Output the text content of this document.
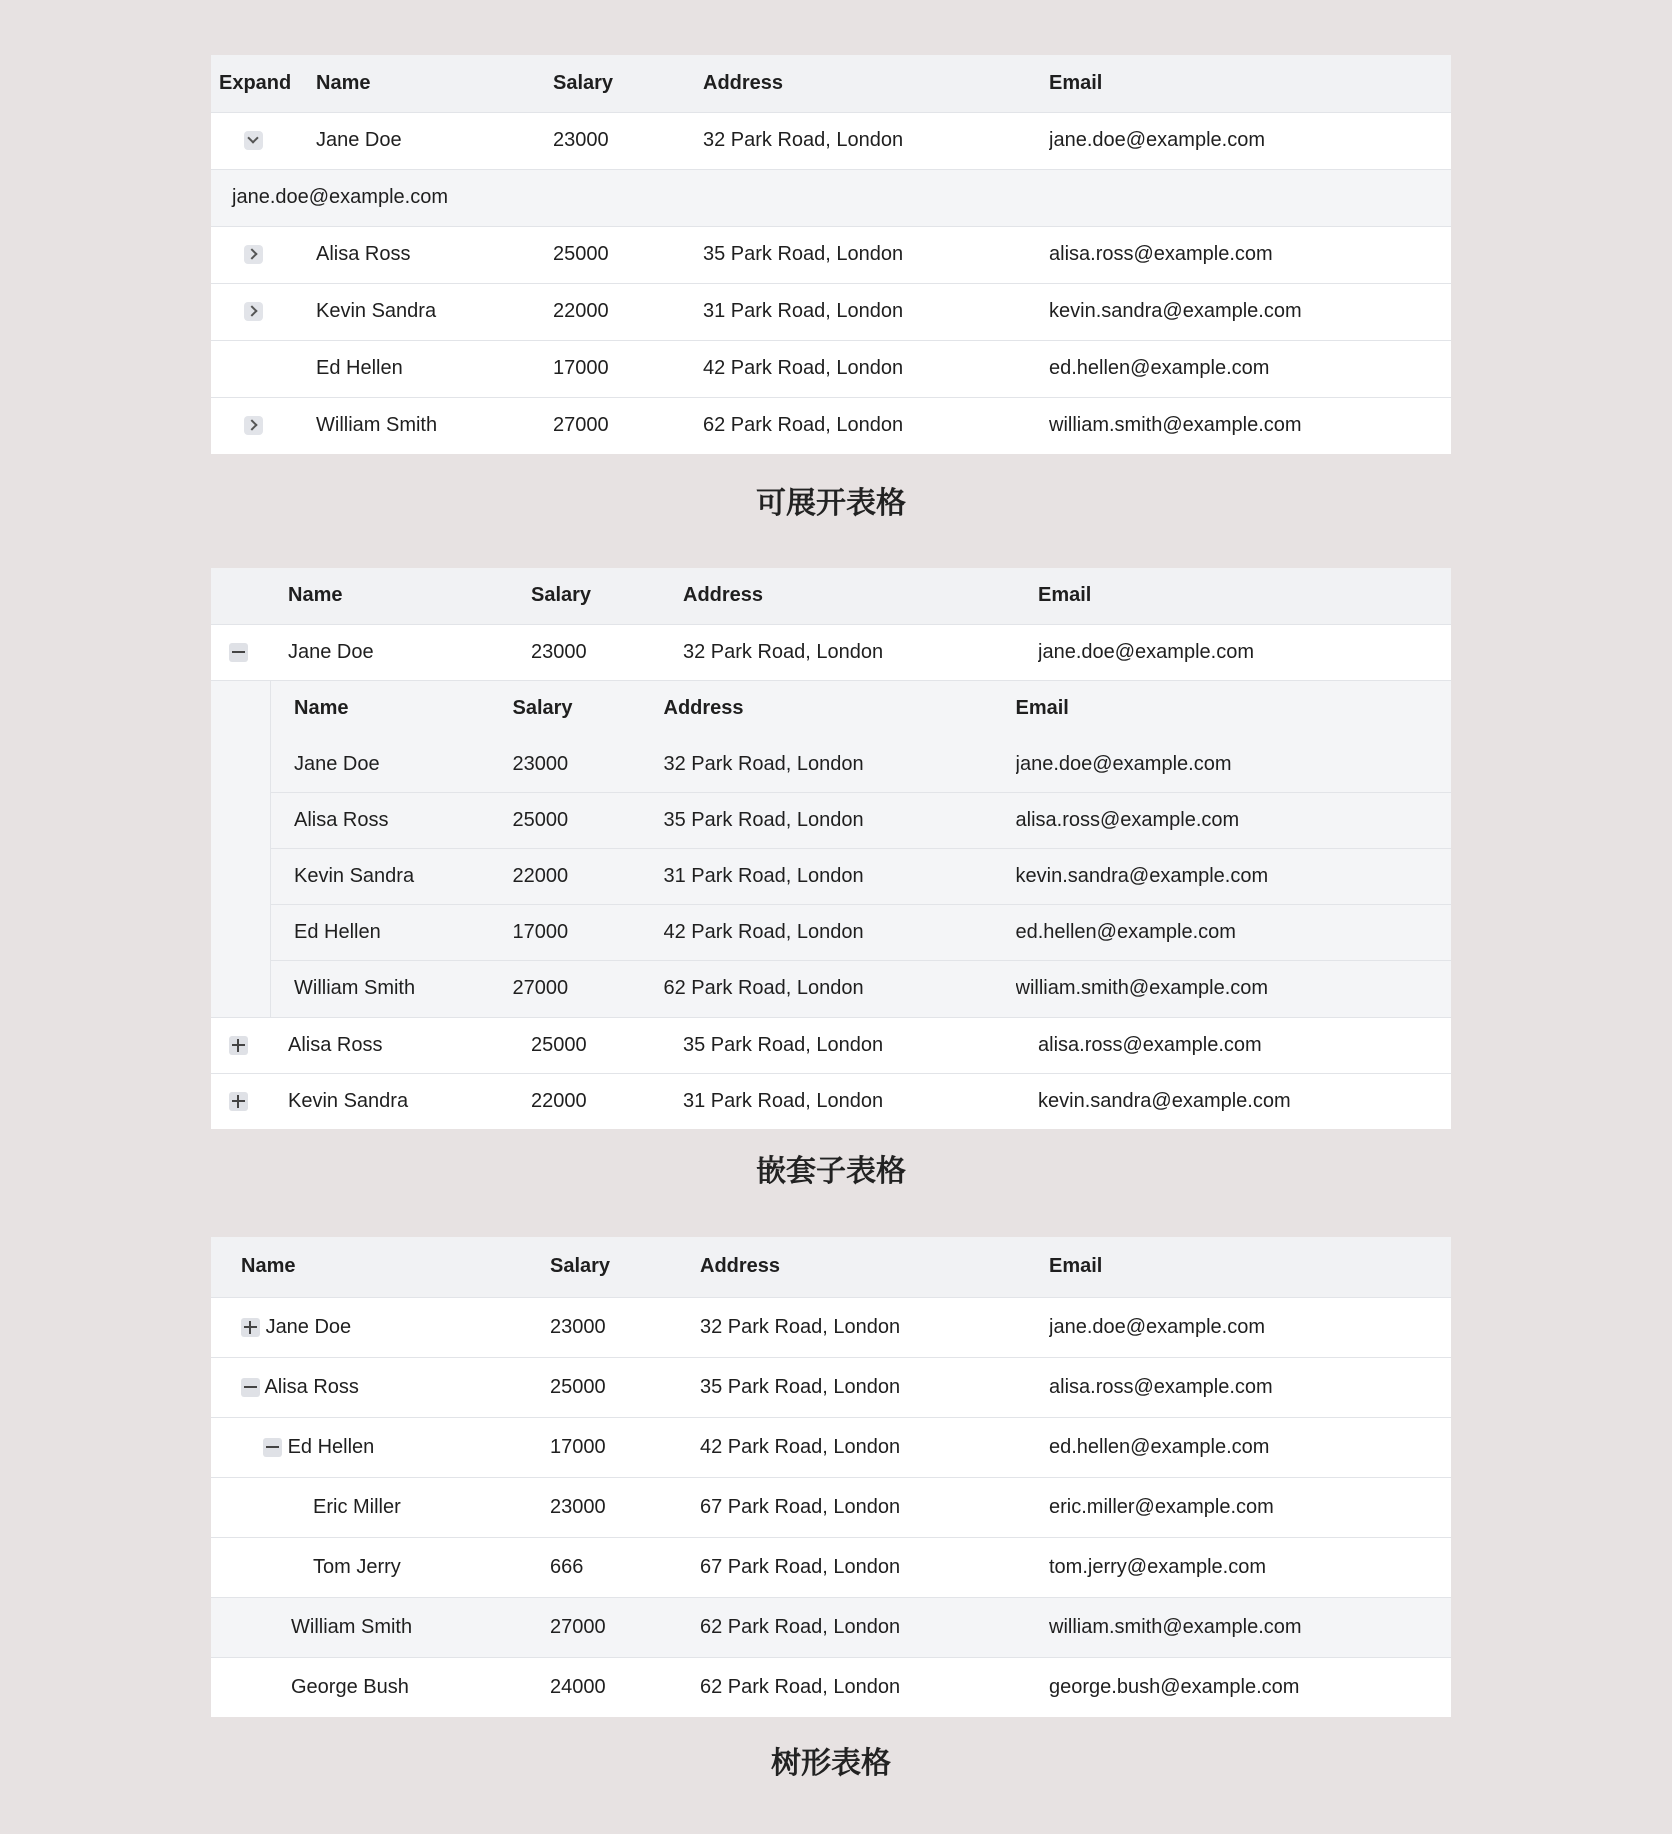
Expand	Name	Salary	Address	Email
	Jane Doe	23000	32 Park Road, London	jane.doe@example.com
jane.doe@example.com				
	Alisa Ross	25000	35 Park Road, London	alisa.ross@example.com
	Kevin Sandra	22000	31 Park Road, London	kevin.sandra@example.com
	Ed Hellen	17000	42 Park Road, London	ed.hellen@example.com
	William Smith	27000	62 Park Road, London	william.smith@example.com
可展开表格
	Name	Salary	Address	Email
	Jane Doe	23000	32 Park Road, London	jane.doe@example.com

Name	Salary	Address	Email
Jane Doe	23000	32 Park Road, London	jane.doe@example.com
Alisa Ross	25000	35 Park Road, London	alisa.ross@example.com
Kevin Sandra	22000	31 Park Road, London	kevin.sandra@example.com
Ed Hellen	17000	42 Park Road, London	ed.hellen@example.com
William Smith	27000	62 Park Road, London	william.smith@example.com

	Alisa Ross	25000	35 Park Road, London	alisa.ross@example.com
	Kevin Sandra	22000	31 Park Road, London	kevin.sandra@example.com
嵌套子表格
Name	Salary	Address	Email
Jane Doe	23000	32 Park Road, London	jane.doe@example.com
Alisa Ross	25000	35 Park Road, London	alisa.ross@example.com
Ed Hellen	17000	42 Park Road, London	ed.hellen@example.com
Eric Miller	23000	67 Park Road, London	eric.miller@example.com
Tom Jerry	666	67 Park Road, London	tom.jerry@example.com
William Smith	27000	62 Park Road, London	william.smith@example.com
George Bush	24000	62 Park Road, London	george.bush@example.com
树形表格
